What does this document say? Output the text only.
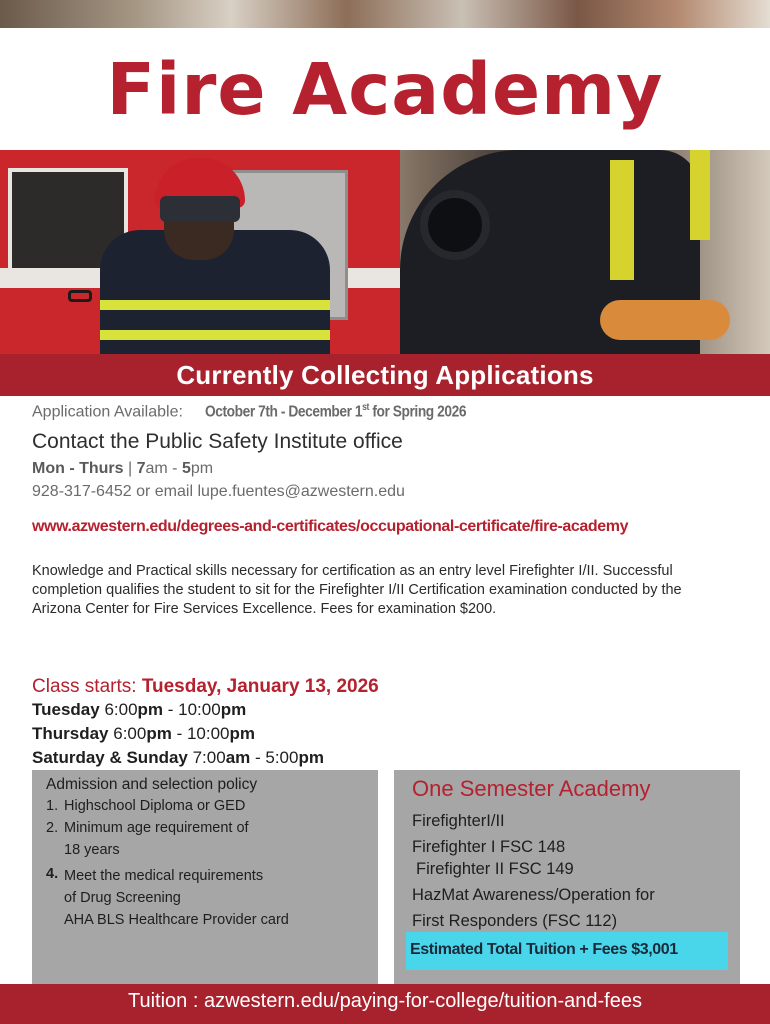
Fire Academy
Currently Collecting Applications
Application Available: October 7th - December 1st for Spring 2026
Contact the Public Safety Institute office
Mon - Thurs | 7am - 5pm
928-317-6452 or email lupe.fuentes@azwestern.edu
www.azwestern.edu/degrees-and-certificates/occupational-certificate/fire-academy
Knowledge and Practical skills necessary for certification as an entry level Firefighter I/II. Successful completion qualifies the student to sit for the Firefighter I/II Certification examination conducted by the Arizona Center for Fire Services Excellence. Fees for examination $200.
Class starts: Tuesday, January 13, 2026
Tuesday 6:00pm - 10:00pm
Thursday 6:00pm - 10:00pm
Saturday & Sunday 7:00am - 5:00pm
Admission and selection policy
1. Highschool Diploma or GED
2. Minimum age requirement of
18 years
4. Meet the medical requirements
of Drug Screening
AHA BLS Healthcare Provider card
One Semester Academy
FirefighterI/II
Firefighter I FSC 148
Firefighter II FSC 149
HazMat Awareness/Operation for
First Responders (FSC 112)
Estimated Total Tuition + Fees $3,001
Tuition : azwestern.edu/paying-for-college/tuition-and-fees
